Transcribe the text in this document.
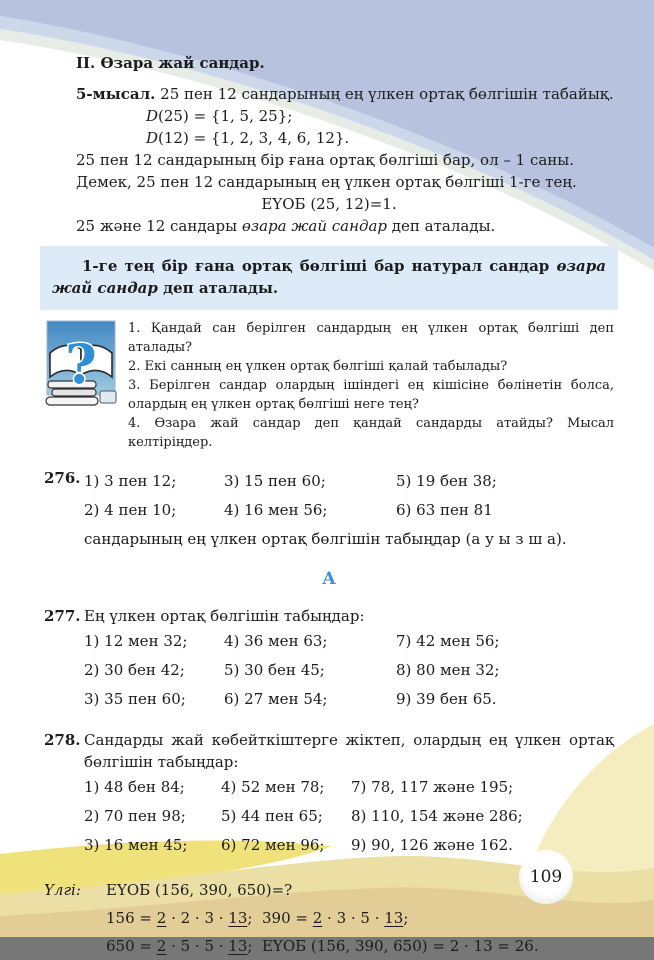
II. Өзара жай сандар.

5-мысал. 25 пен 12 сандарының ең үлкен ортақ бөлгішін табайық.

D(25) = {1, 5, 25};
D(12) = {1, 2, 3, 4, 6, 12}.

25 пен 12 сандарының бір ғана ортақ бөлгіші бар, ол – 1 саны.

Демек, 25 пен 12 сандарының ең үлкен ортақ бөлгіші 1-ге тең.

ЕҮОБ (25, 12)=1.

25 және 12 сандары өзара жай сандар деп аталады.

1-ге тең бір ғана ортақ бөлгіші бар натурал сандар өзара жай сандар деп аталады.
?
1. Қандай сан берілген сандардың ең үлкен ортақ бөлгіші деп аталады?
2. Екі санның ең үлкен ортақ бөлгіші қалай табылады?
3. Берілген сандар олардың ішіндегі ең кішісіне бөлінетін болса, олардың ең үлкен ортақ бөлгіші неге тең?
4. Өзара жай сандар деп қандай сандарды атайды? Мысал келтіріңдер.
276. 1) 3 пен 12;
2) 4 пен 10;
3) 15 пен 60;
4) 16 мен 56;
5) 19 бен 38;
6) 63 пен 81
сандарының ең үлкен ортақ бөлгішін табыңдар (а у ы з ш а).
А
277. Ең үлкен ортақ бөлгішін табыңдар:
1) 12 мен 32;
2) 30 бен 42;
3) 35 пен 60;
4) 36 мен 63;
5) 30 бен 45;
6) 27 мен 54;
7) 42 мен 56;
8) 80 мен 32;
9) 39 бен 65.
278. Сандарды жай көбейткіштерге жіктеп, олардың ең үлкен ортақ бөлгішін табыңдар:
1) 48 бен 84;
2) 70 пен 98;
3) 16 мен 45;
4) 52 мен 78;
5) 44 пен 65;
6) 72 мен 96;
7) 78, 117 және 195;
8) 110, 154 және 286;
9) 90, 126 және 162.
Үлгі:	ЕҮОБ (156, 390, 650)=?
156 = 2 · 2 · 3 · 13;  390 = 2 · 3 · 5 · 13;
650 = 2 · 5 · 5 · 13;  ЕҮОБ (156, 390, 650) = 2 · 13 = 26.
109
